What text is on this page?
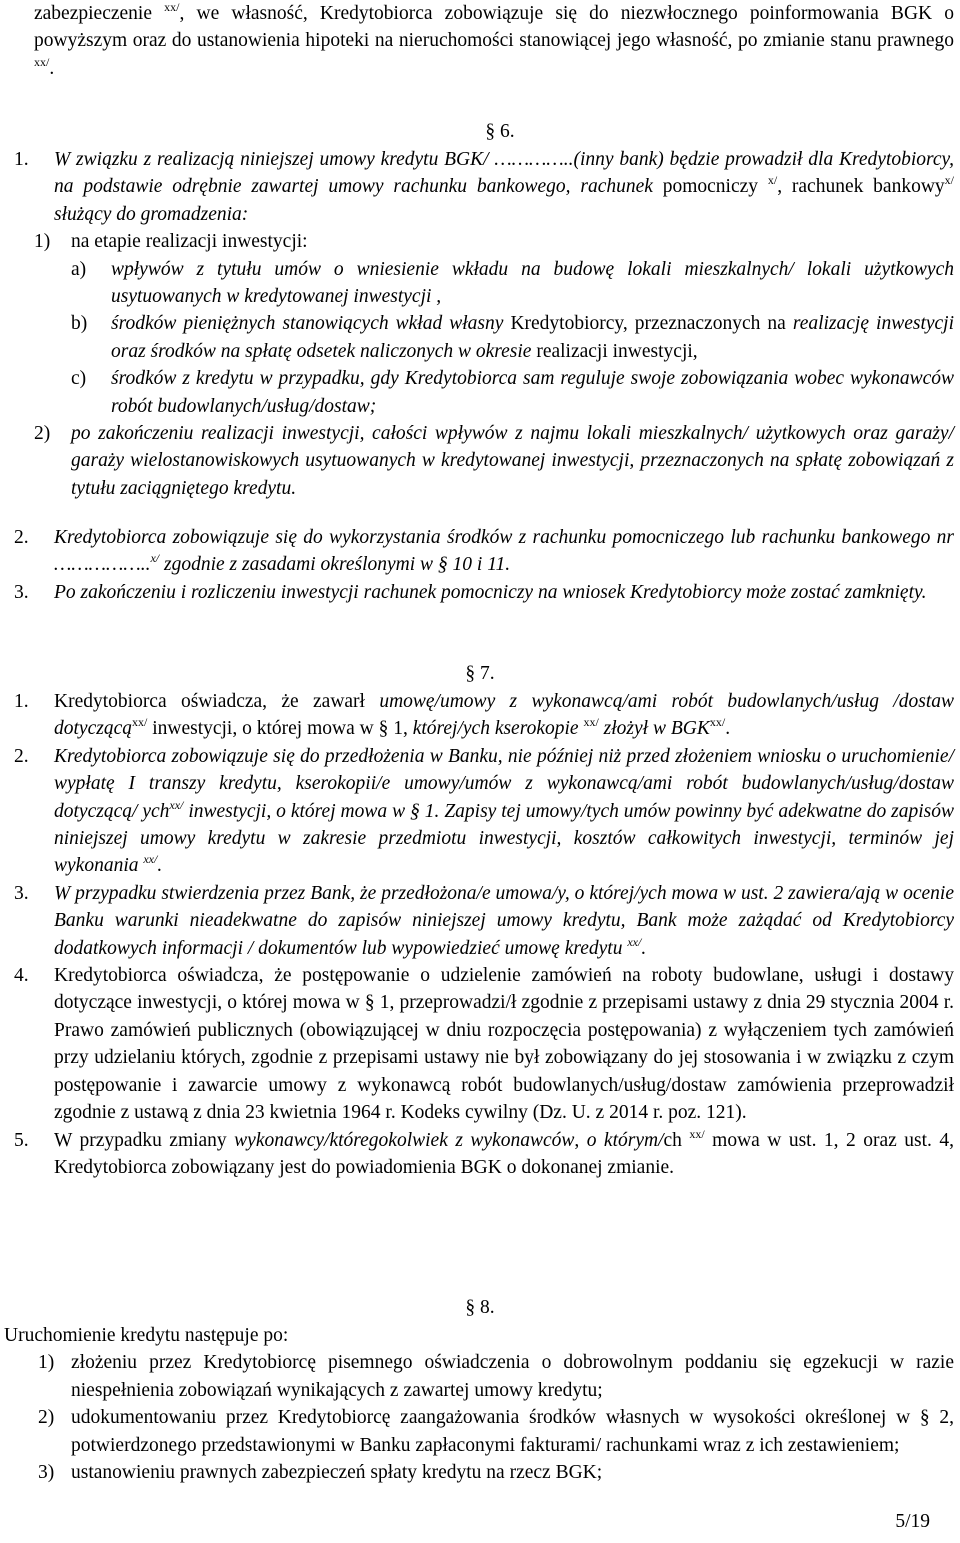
zabezpieczenie $^{xx/}$, we własność, Kredytobiorca zobowiązuje się do niezwłocznego poinformowania BGK o powyższym oraz do ustanowienia hipoteki na nieruchomości stanowiącej jego własność, po zmianie stanu prawnego $^{xx/}$.

§ 6.
1. W związku z realizacją niniejszej umowy kredytu BGK/ …………..(inny bank) będzie prowadził dla Kredytobiorcy, na podstawie odrębnie zawartej umowy rachunku bankowego, rachunek pomocniczy $^{x/}$, rachunek bankowy$^{x/}$ służący do gromadzenia:

1) na etapie realizacji inwestycji:

a) wpływów z tytułu umów o wniesienie wkładu na budowę lokali mieszkalnych/ lokali użytkowych usytuowanych w kredytowanej inwestycji ,

b) środków pieniężnych stanowiących wkład własny Kredytobiorcy, przeznaczonych na realizację inwestycji oraz środków na spłatę odsetek naliczonych w okresie realizacji inwestycji,

c) środków z kredytu w przypadku, gdy Kredytobiorca sam reguluje swoje zobowiązania wobec wykonawców robót budowlanych/usług/dostaw;

2) po zakończeniu realizacji inwestycji, całości wpływów z najmu lokali mieszkalnych/ użytkowych oraz garaży/ garaży wielostanowiskowych usytuowanych w kredytowanej inwestycji, przeznaczonych na spłatę zobowiązań z tytułu zaciągniętego kredytu.

2. Kredytobiorca zobowiązuje się do wykorzystania środków z rachunku pomocniczego lub rachunku bankowego nr ……………..$^{x/}$ zgodnie z zasadami określonymi w § 10 i 11.

3. Po zakończeniu i rozliczeniu inwestycji rachunek pomocniczy na wniosek Kredytobiorcy może zostać zamknięty.

§ 7.
1. Kredytobiorca oświadcza, że zawarł umowę/umowy z wykonawcą/ami robót budowlanych/usług /dostaw dotyczącą$^{xx/}$ inwestycji, o której mowa w § 1, której/ych kserokopie $^{xx/}$ złożył w $BGK^{xx/}$.

2. Kredytobiorca zobowiązuje się do przedłożenia w Banku, nie później niż przed złożeniem wniosku o uruchomienie/ wypłatę I transzy kredytu, kserokopii/e umowy/umów z wykonawcą/ami robót budowlanych/usług/dostaw dotyczącą/ ych$^{xx/}$ inwestycji, o której mowa w § 1. Zapisy tej umowy/tych umów powinny być adekwatne do zapisów niniejszej umowy kredytu w zakresie przedmiotu inwestycji, kosztów całkowitych inwestycji, terminów jej wykonania $^{xx/}$.

3. W przypadku stwierdzenia przez Bank, że przedłożona/e umowa/y, o której/ych mowa w ust. 2 zawiera/ają w ocenie Banku warunki nieadekwatne do zapisów niniejszej umowy kredytu, Bank może zażądać od Kredytobiorcy dodatkowych informacji / dokumentów lub wypowiedzieć umowę kredytu $^{xx/}$.

4. Kredytobiorca oświadcza, że postępowanie o udzielenie zamówień na roboty budowlane, usługi i dostawy dotyczące inwestycji, o której mowa w § 1, przeprowadzi/ł zgodnie z przepisami ustawy z dnia 29 stycznia 2004 r. Prawo zamówień publicznych (obowiązującej w dniu rozpoczęcia postępowania) z wyłączeniem tych zamówień przy udzielaniu których, zgodnie z przepisami ustawy nie był zobowiązany do jej stosowania i w związku z czym postępowanie i zawarcie umowy z wykonawcą robót budowlanych/usług/dostaw zamówienia przeprowadził zgodnie z ustawą z dnia 23 kwietnia 1964 r. Kodeks cywilny (Dz. U. z 2014 r. poz. 121).

5. W przypadku zmiany wykonawcy/któregokolwiek z wykonawców, o którym/ch $^{xx/}$ mowa w ust. 1, 2 oraz ust. 4, Kredytobiorca zobowiązany jest do powiadomienia BGK o dokonanej zmianie.

§ 8.

Uruchomienie kredytu następuje po:

1) złożeniu przez Kredytobiorcę pisemnego oświadczenia o dobrowolnym poddaniu się egzekucji w razie niespełnienia zobowiązań wynikających z zawartej umowy kredytu;

2) udokumentowaniu przez Kredytobiorcę zaangażowania środków własnych w wysokości określonej w § 2, potwierdzonego przedstawionymi w Banku zapłaconymi fakturami/ rachunkami wraz z ich zestawieniem;

3) ustanowieniu prawnych zabezpieczeń spłaty kredytu na rzecz BGK;

5/19
